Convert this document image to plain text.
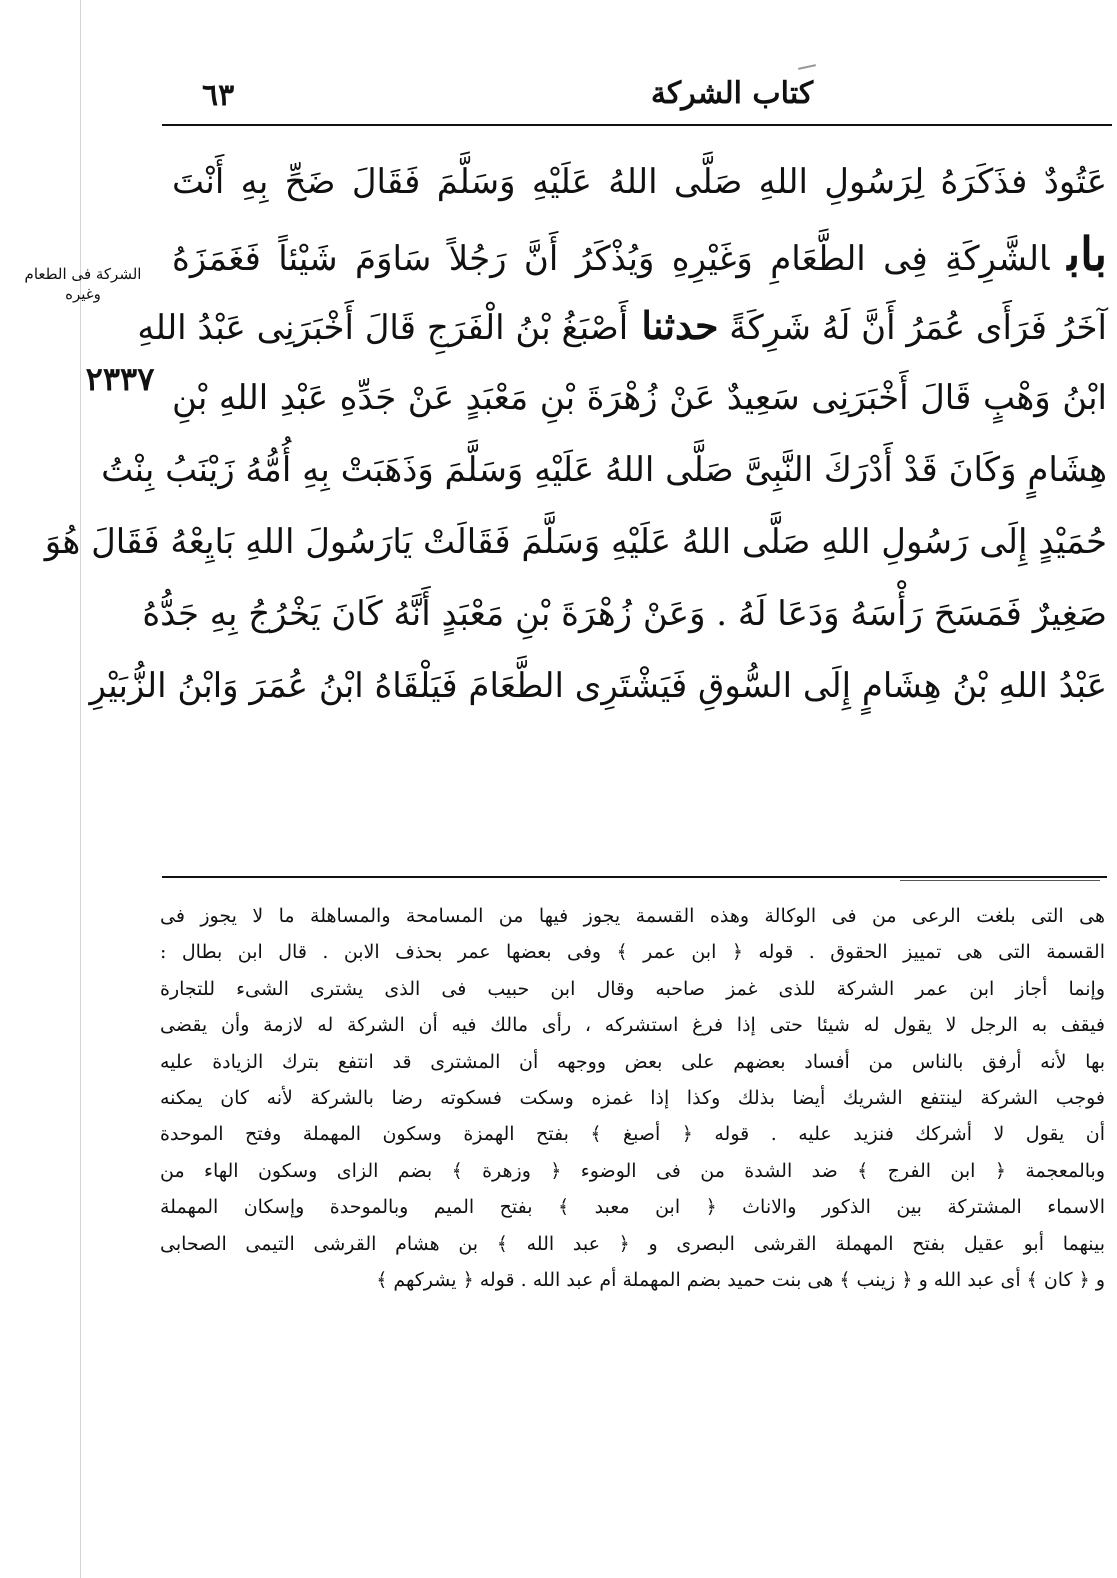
٦٣	كتاب الشركة
الشركة فى الطعام وغيره
٢٣٣٧
عَتُودٌ فذَكَرَهُ لِرَسُولِ اللهِ صَلَّى اللهُ عَلَيْهِ وَسَلَّمَ فَقَالَ ضَحِّ بِهِ أَنْتَ
بابالشَّرِكَةِ فِى الطَّعَامِ وَغَيْرِهِ وَيُذْكَرُ أَنَّ رَجُلاً سَاوَمَ شَيْئاً فَغَمَزَهُ
آخَرُ فَرَأَى عُمَرُ أَنَّ لَهُ شَرِكَةً حدثنا أَصْبَغُ بْنُ الْفَرَجِ قَالَ أَخْبَرَنِى عَبْدُ اللهِ
ابْنُ وَهْبٍ قَالَ أَخْبَرَنِى سَعِيدٌ عَنْ زُهْرَةَ بْنِ مَعْبَدٍ عَنْ جَدِّهِ عَبْدِ اللهِ بْنِ
هِشَامٍ وَكَانَ قَدْ أَدْرَكَ النَّبِىَّ صَلَّى اللهُ عَلَيْهِ وَسَلَّمَ وَذَهَبَتْ بِهِ أُمُّهُ زَيْنَبُ بِنْتُ
حُمَيْدٍ إِلَى رَسُولِ اللهِ صَلَّى اللهُ عَلَيْهِ وَسَلَّمَ فَقَالَتْ يَارَسُولَ اللهِ بَايِعْهُ فَقَالَ هُوَ
صَغِيرٌ فَمَسَحَ رَأْسَهُ وَدَعَا لَهُ . وَعَنْ زُهْرَةَ بْنِ مَعْبَدٍ أَنَّهُ كَانَ يَخْرُجُ بِهِ جَدُّهُ
عَبْدُ اللهِ بْنُ هِشَامٍ إِلَى السُّوقِ فَيَشْتَرِى الطَّعَامَ فَيَلْقَاهُ ابْنُ عُمَرَ وَابْنُ الزُّبَيْرِ
هى التى بلغت الرعى من فى الوكالة وهذه القسمة يجوز فيها من المسامحة والمساهلة ما لا يجوز فى
القسمة التى هى تمييز الحقوق . قوله ﴿ ابن عمر ﴾ وفى بعضها عمر بحذف الابن . قال ابن بطال :
وإنما أجاز ابن عمر الشركة للذى غمز صاحبه وقال ابن حبيب فى الذى يشترى الشىء للتجارة
فيقف به الرجل لا يقول له شيئا حتى إذا فرغ استشركه ، رأى مالك فيه أن الشركة له لازمة وأن يقضى
بها لأنه أرفق بالناس من أفساد بعضهم على بعض ووجهه أن المشترى قد انتفع بترك الزيادة عليه
فوجب الشركة لينتفع الشريك أيضا بذلك وكذا إذا غمزه وسكت فسكوته رضا بالشركة لأنه كان يمكنه
أن يقول لا أشركك فنزيد عليه . قوله ﴿ أصبغ ﴾ بفتح الهمزة وسكون المهملة وفتح الموحدة
وبالمعجمة ﴿ ابن الفرج ﴾ ضد الشدة من فى الوضوء ﴿ وزهرة ﴾ بضم الزاى وسكون الهاء من
الاسماء المشتركة بين الذكور والاناث ﴿ ابن معبد ﴾ بفتح الميم وبالموحدة وإسكان المهملة
بينهما أبو عقيل بفتح المهملة القرشى البصرى و ﴿ عبد الله ﴾ بن هشام القرشى التيمى الصحابى
و ﴿ كان ﴾ أى عبد الله و ﴿ زينب ﴾ هى بنت حميد بضم المهملة أم عبد الله . قوله ﴿ يشركهم ﴾
